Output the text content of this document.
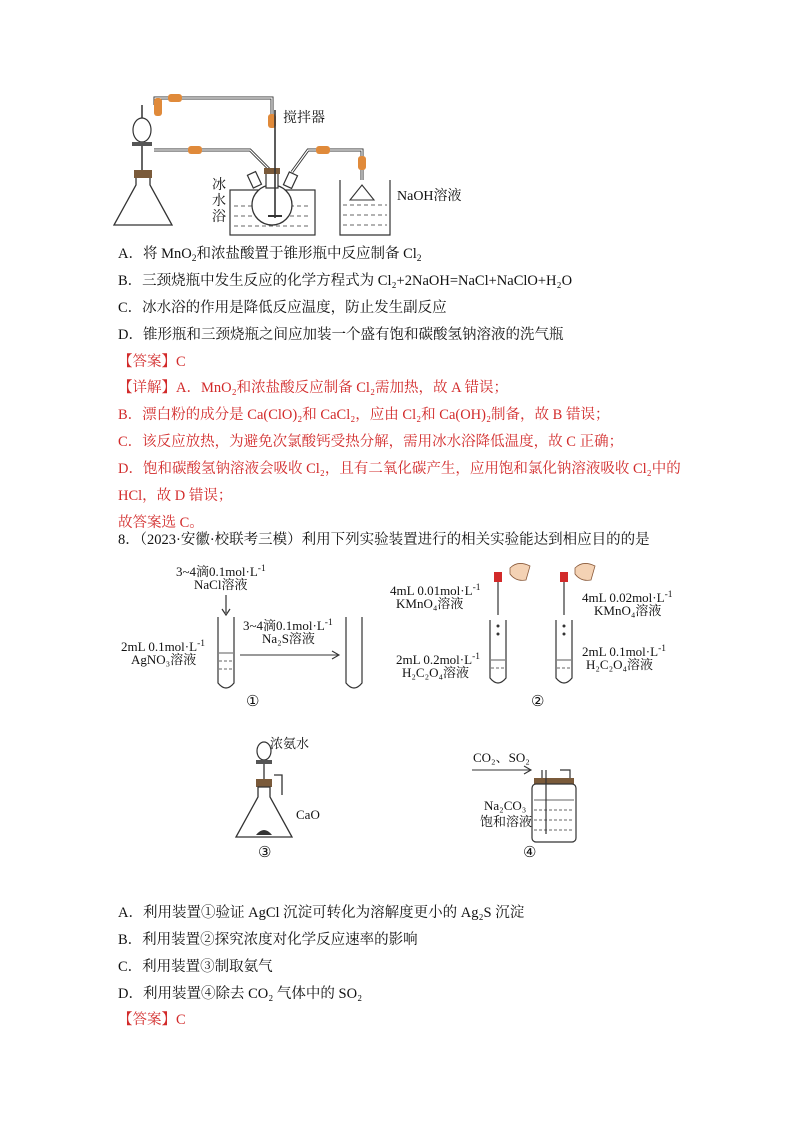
搅拌器
冰水浴
NaOH溶液
A．将 MnO$_2$和浓盐酸置于锥形瓶中反应制备 $Cl_2$
B．三颈烧瓶中发生反应的化学方程式为 Cl₂+2NaOH=NaCl+NaClO+H₂O
C．冰水浴的作用是降低反应温度，防止发生副反应
D．锥形瓶和三颈烧瓶之间应加装一个盛有饱和碳酸氢钠溶液的洗气瓶
【答案】C
【详解】A．MnO₂和浓盐酸反应制备 Cl₂需加热，故 A 错误；
B．漂白粉的成分是 Ca(ClO)₂和 CaCl₂，应由 Cl₂和 Ca(OH)₂制备，故 B 错误；
C．该反应放热，为避免次氯酸钙受热分解，需用冰水浴降低温度，故 C 正确；
D．饱和碳酸氢钠溶液会吸收 Cl₂，且有二氧化碳产生，应用饱和氯化钠溶液吸收 Cl₂中的
HCl，故 D 错误；
故答案选 C。
8．（2023·安徽·校联考三模）利用下列实验装置进行的相关实验能达到相应目的的是
3~4滴$0.1mol\cdot L^{-1}$
NaCl溶液
3~4滴$0.1mol\cdot L^{-1}$
Na₂S溶液
2mL $0.1mol\cdot L^{-1}$
AgNO₃溶液
①
4mL $0.01mol\cdot L^{-1}$
KMnO₄溶液
2mL $0.2mol\cdot L^{-1}$
H₂C₂O₄溶液
4mL $0.02mol\cdot L^{-1}$
KMnO₄溶液
2mL $0.1mol\cdot L^{-1}$
H₂C₂O₄溶液
②
浓氨水
CaO
③
CO₂、SO₂
Na₂CO₃
饱和溶液
④
A．利用装置①验证 AgCl 沉淀可转化为溶解度更小的 Ag₂S 沉淀
B．利用装置②探究浓度对化学反应速率的影响
C．利用装置③制取氨气
D．利用装置④除去 CO₂ 气体中的 SO₂
【答案】C
